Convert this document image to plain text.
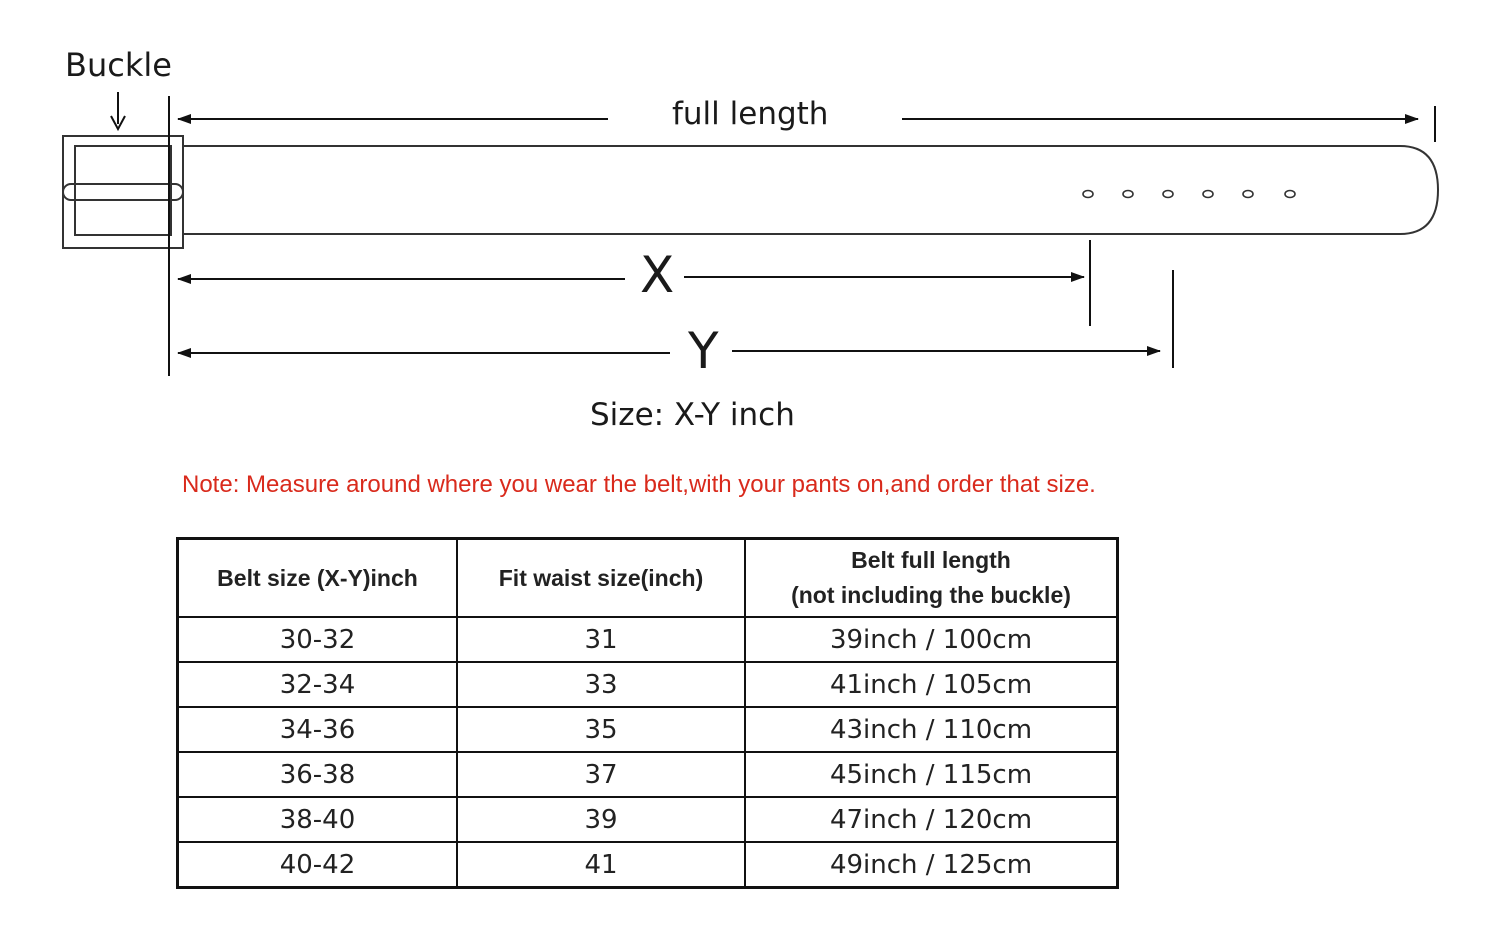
Buckle
full length
X
Y
Size: X-Y inch
Note: Measure around where you wear the belt,with your pants on,and order that size.
Belt size (X-Y)inch	Fit waist size(inch)	Belt full length
(not including the buckle)

30-32	31	39inch / 100cm
32-34	33	41inch / 105cm
34-36	35	43inch / 110cm
36-38	37	45inch / 115cm
38-40	39	47inch / 120cm
40-42	41	49inch / 125cm
